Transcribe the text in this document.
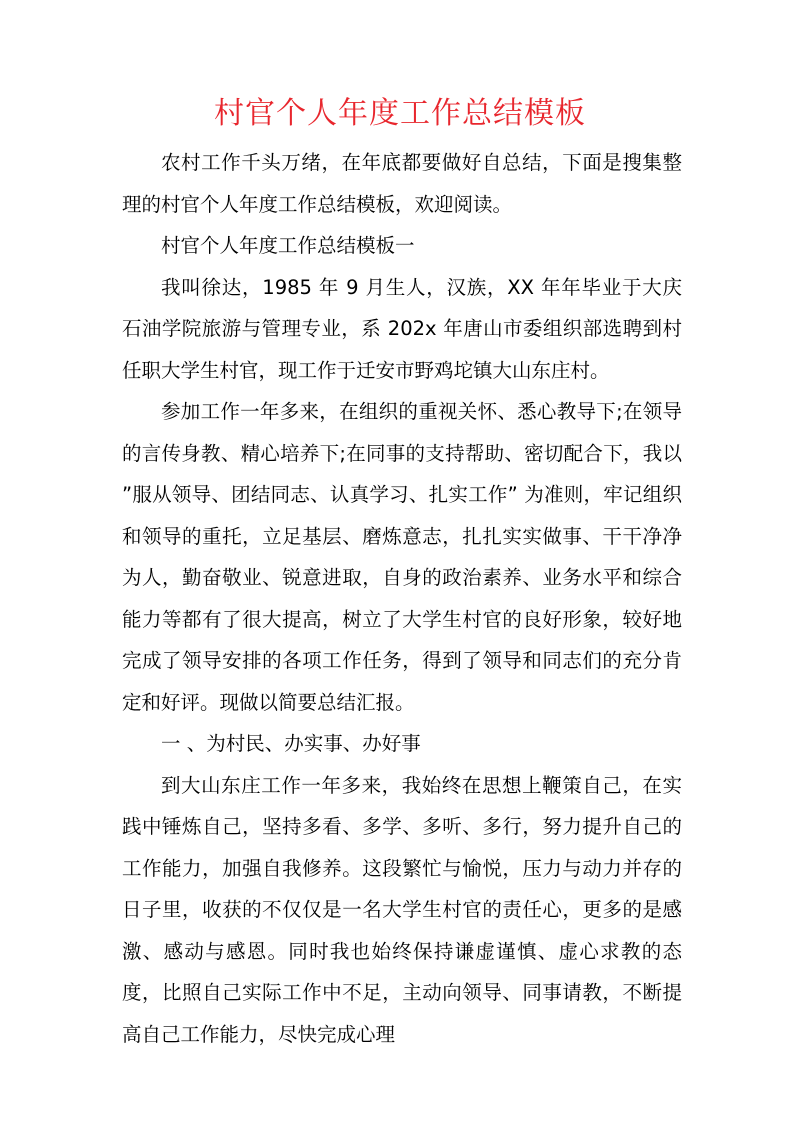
村官个人年度工作总结模板

农村工作千头万绪，在年底都要做好自总结，下面是搜集整理的村官个人年度工作总结模板，欢迎阅读。

村官个人年度工作总结模板一

我叫徐达，1985 年 9 月生人，汉族，XX 年年毕业于大庆石油学院旅游与管理专业，系 202x 年唐山市委组织部选聘到村任职大学生村官，现工作于迁安市野鸡坨镇大山东庄村。

参加工作一年多来，在组织的重视关怀、悉心教导下;在领导的言传身教、精心培养下;在同事的支持帮助、密切配合下，我以 ”服从领导、团结同志、认真学习、扎实工作” 为准则，牢记组织和领导的重托，立足基层、磨炼意志，扎扎实实做事、干干净净为人，勤奋敬业、锐意进取，自身的政治素养、业务水平和综合能力等都有了很大提高，树立了大学生村官的良好形象，较好地完成了领导安排的各项工作任务，得到了领导和同志们的充分肯定和好评。现做以简要总结汇报。

一 、为村民、办实事、办好事

到大山东庄工作一年多来，我始终在思想上鞭策自己，在实践中锤炼自己，坚持多看、多学、多听、多行，努力提升自己的工作能力，加强自我修养。这段繁忙与愉悦，压力与动力并存的日子里，收获的不仅仅是一名大学生村官的责任心，更多的是感激、感动与感恩。同时我也始终保持谦虚谨慎、虚心求教的态度，比照自己实际工作中不足，主动向领导、同事请教，不断提高自己工作能力，尽快完成心理
